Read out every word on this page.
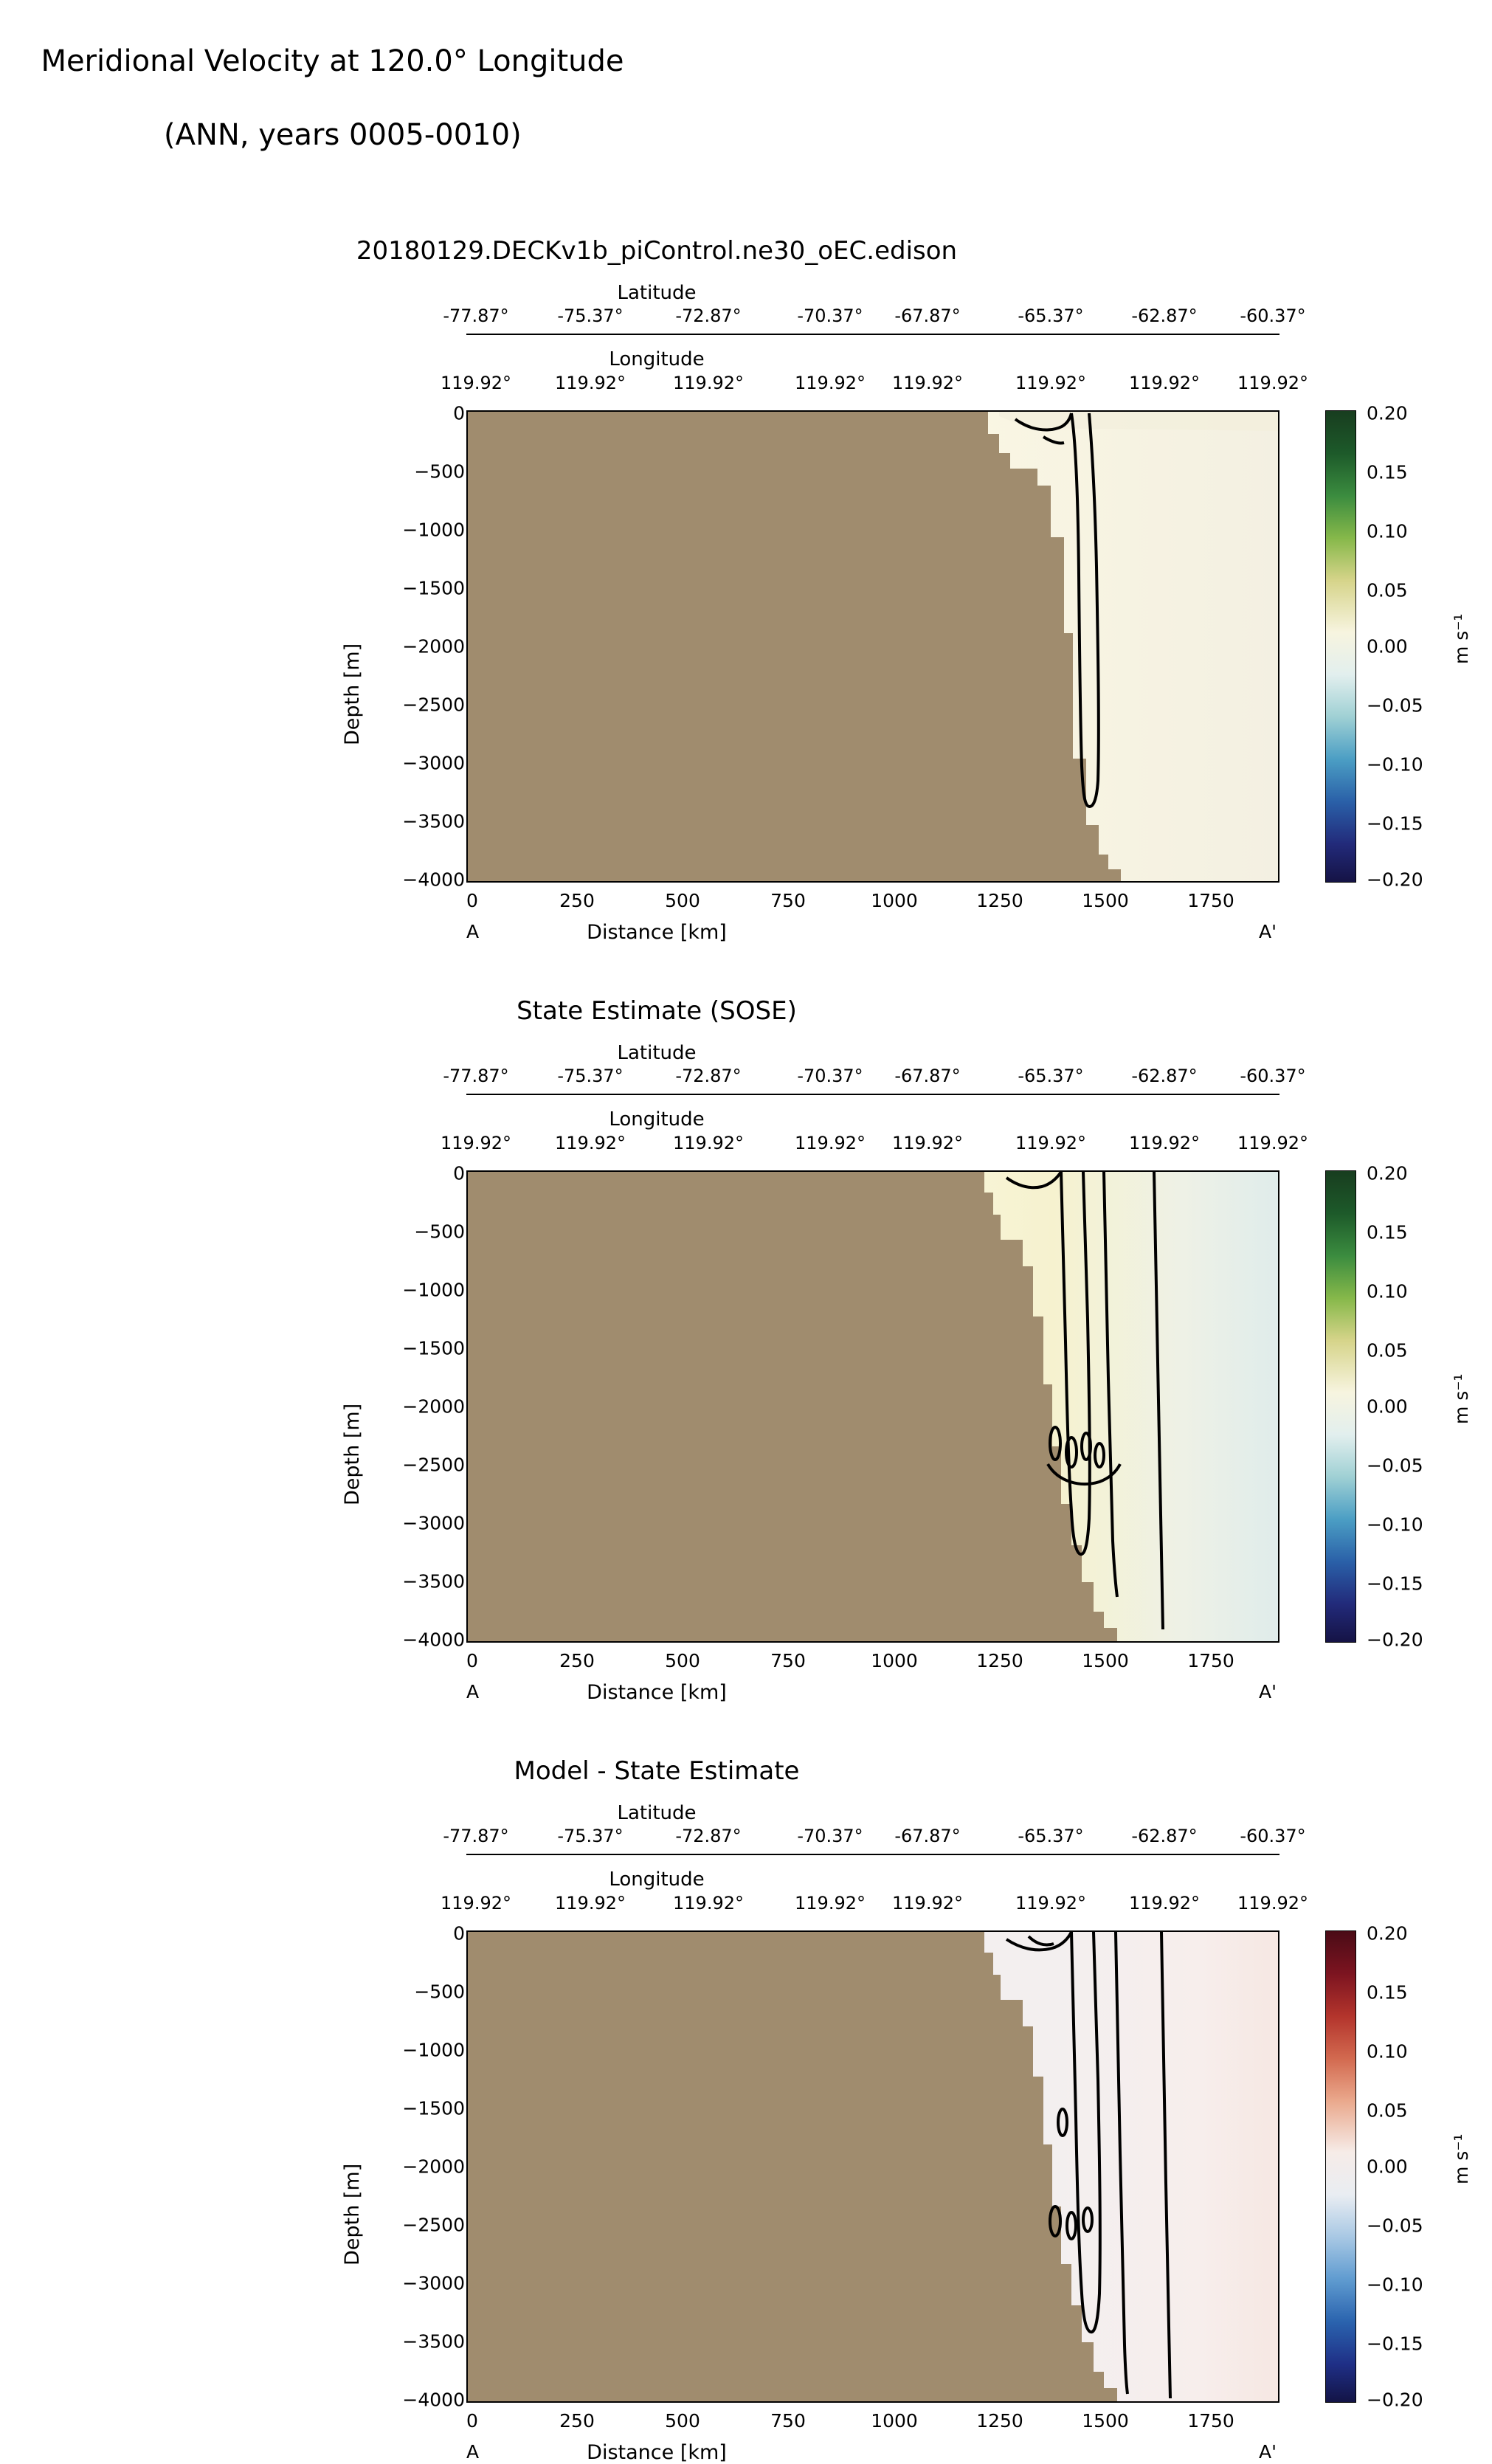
Meridional Velocity at 120.0° Longitude

(ANN, years 0005-0010)

20180129.DECKv1b_piControl.ne30_oEC.edison
Latitude
-77.87°	-75.37°	-72.87°	-70.37° -67.87°	-65.37°	-62.87° -60.37°
Longitude
119.92° 119.92°	119.92°	119.92° 119.92°	119.92° 119.92° 119.92°
Depth [m]
0
−500
−1000
−1500
−2000
−2500
−3000
−3500
−4000
0	250	500	750	1000	1250	1500	1750
Distance [km]
A	A'
0.20
0.15
0.10
0.05
0.00
−0.05
−0.10
−0.15
−0.20
m s⁻¹
State Estimate (SOSE)
Latitude
-77.87°	-75.37°	-72.87°	-70.37° -67.87°	-65.37°	-62.87° -60.37°
Longitude
119.92° 119.92°	119.92°	119.92° 119.92°	119.92° 119.92° 119.92°
Depth [m]
0
−500
−1000
−1500
−2000
−2500
−3000
−3500
−4000
0	250	500	750	1000	1250	1500	1750
Distance [km]
A	A'
0.20
0.15
0.10
0.05
0.00
−0.05
−0.10
−0.15
−0.20
m s⁻¹
Model - State Estimate
Latitude
-77.87°	-75.37°	-72.87°	-70.37° -67.87°	-65.37°	-62.87° -60.37°
Longitude
119.92° 119.92°	119.92°	119.92° 119.92°	119.92° 119.92° 119.92°
Depth [m]
0
−500
−1000
−1500
−2000
−2500
−3000
−3500
−4000
0	250	500	750	1000	1250	1500	1750
Distance [km]
A	A'
0.20
0.15
0.10
0.05
0.00
−0.05
−0.10
−0.15
−0.20
m s⁻¹
